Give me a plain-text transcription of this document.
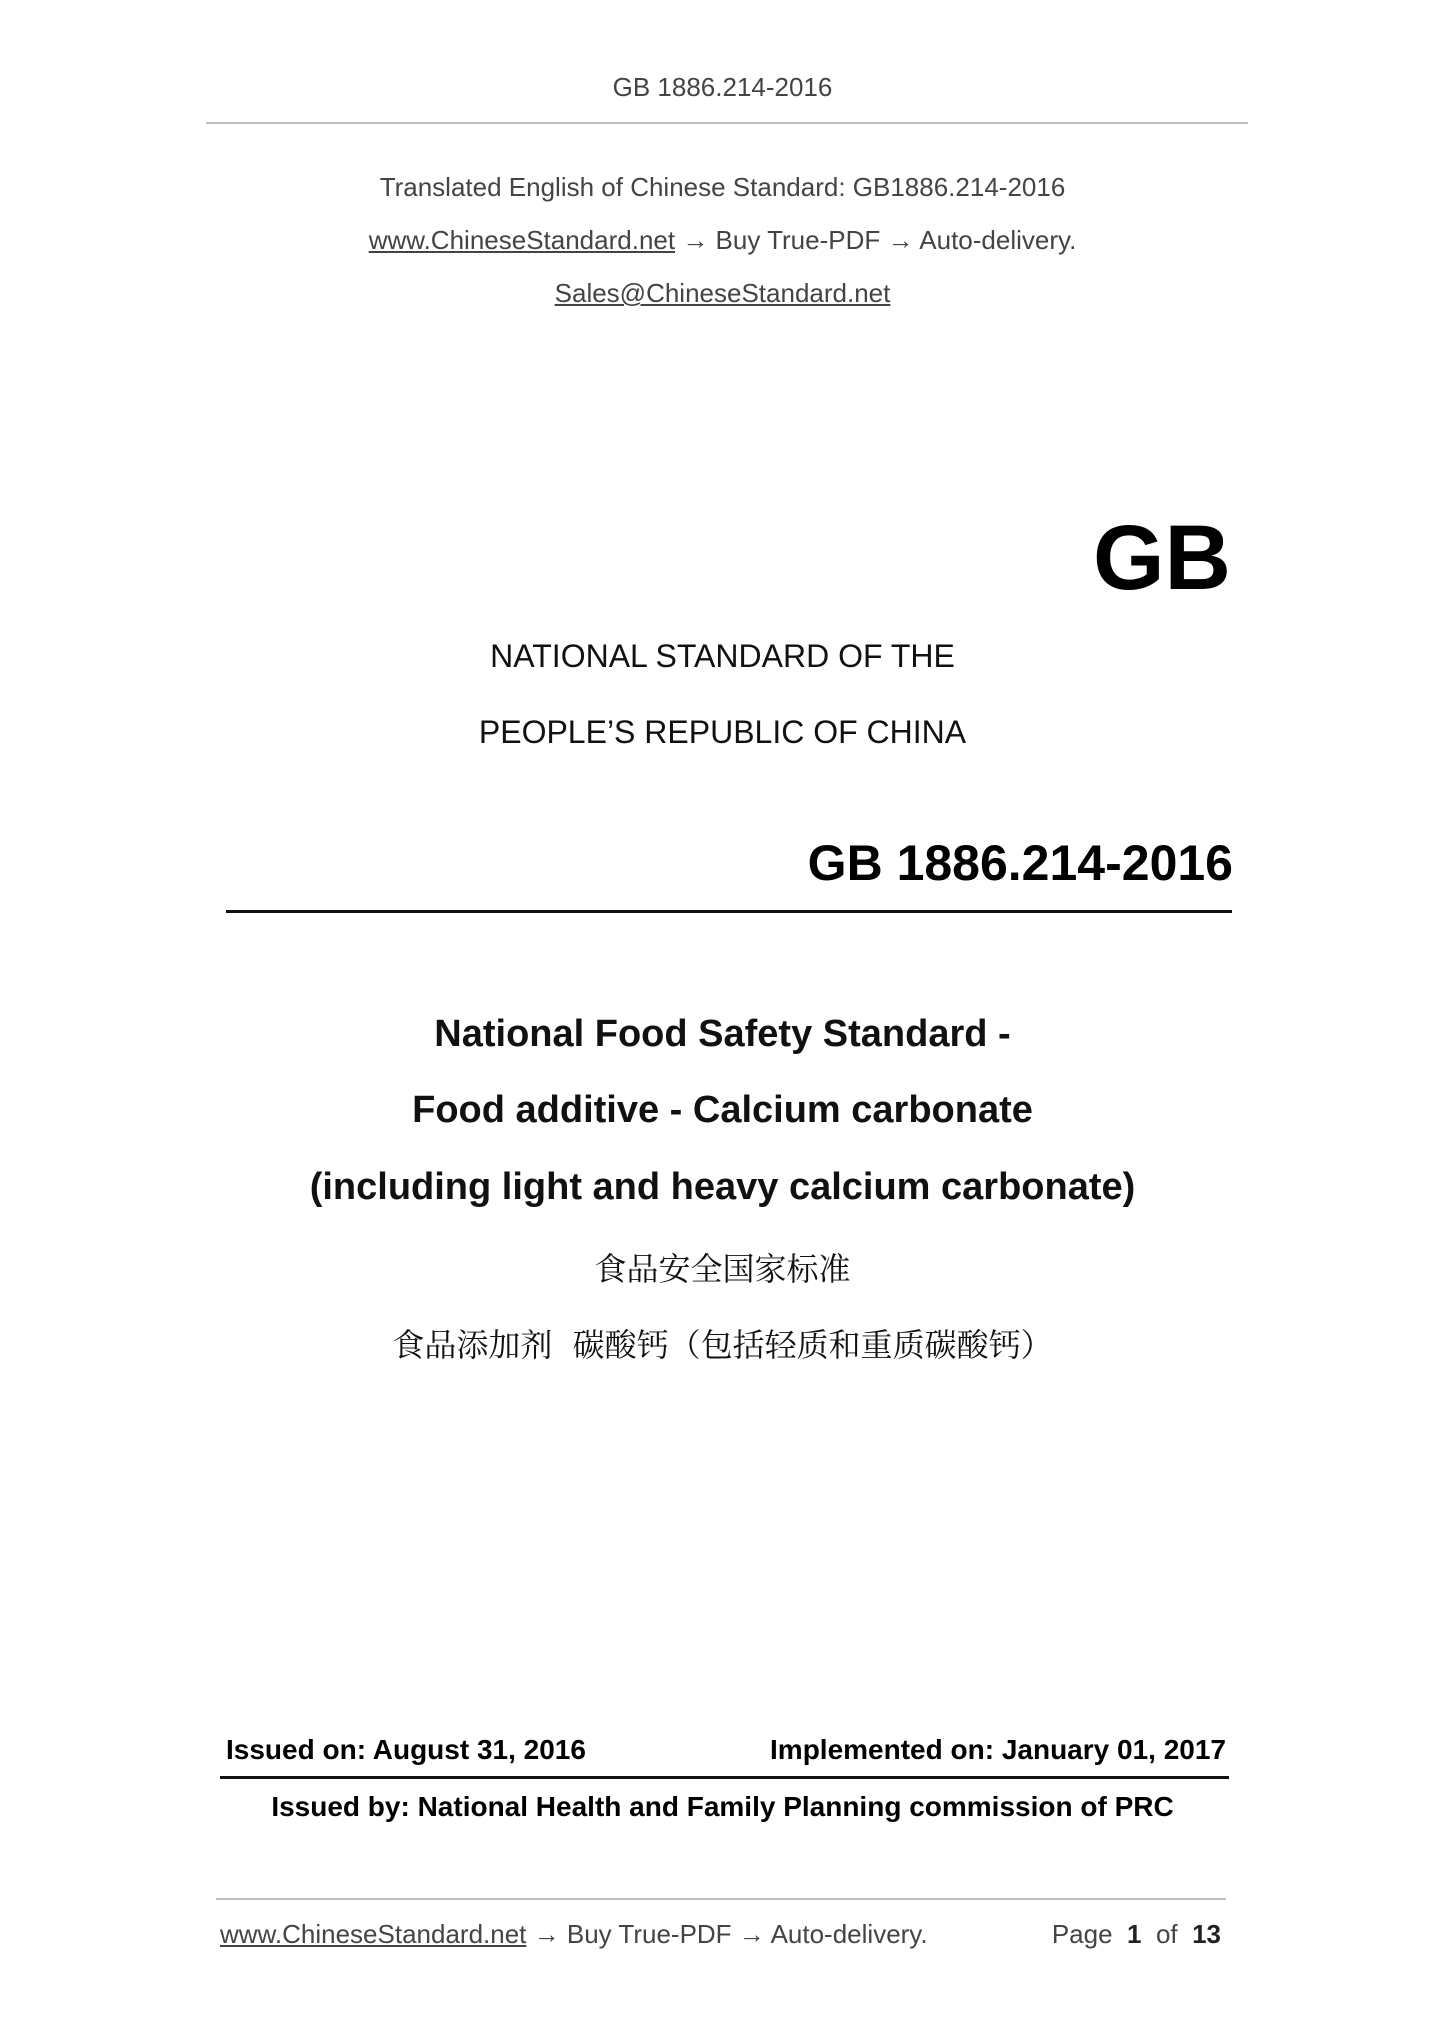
GB 1886.214-2016
Translated English of Chinese Standard: GB1886.214-2016
www.ChineseStandard.net → Buy True-PDF → Auto-delivery.
Sales@ChineseStandard.net
GB
NATIONAL STANDARD OF THE
PEOPLE’S REPUBLIC OF CHINA
GB 1886.214-2016
National Food Safety Standard -
Food additive - Calcium carbonate
(including light and heavy calcium carbonate)
食品安全国家标准
食品添加剂  碳酸钙（包括轻质和重质碳酸钙）
Issued on: August 31, 2016	Implemented on: January 01, 2017
Issued by: National Health and Family Planning commission of PRC
www.ChineseStandard.net → Buy True-PDF → Auto-delivery.	Page 1 of 13
